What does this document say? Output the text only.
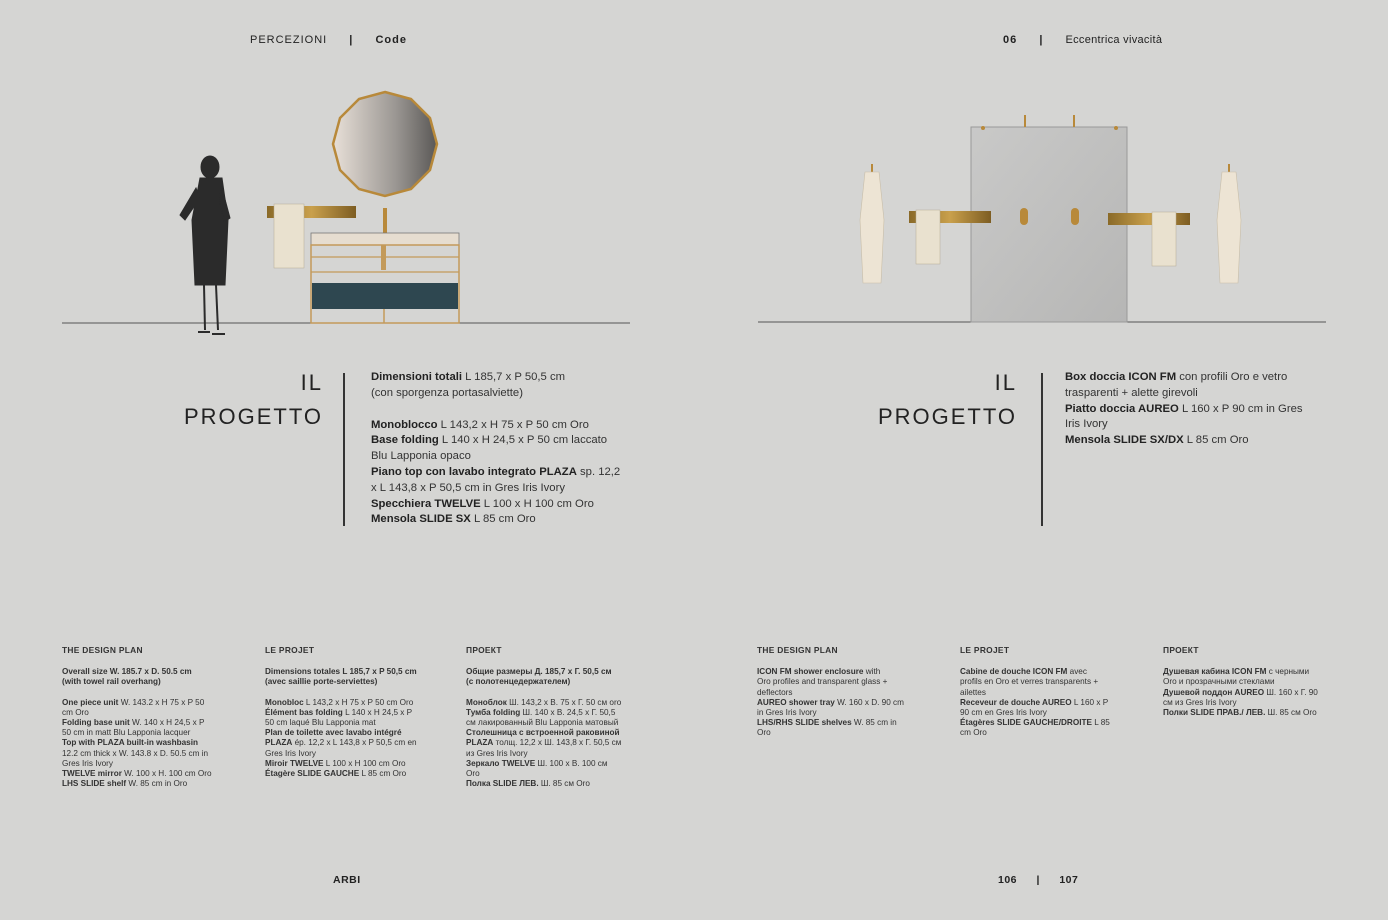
PERCEZIONI | Code	06 | Eccentrica vivacità
IL
PROGETTO

Dimensioni totali L 185,7 x P 50,5 cm

(con sporgenza portasalviette)

Monoblocco L 143,2 x H 75 x P 50 cm Oro

Base folding L 140 x H 24,5 x P 50 cm laccato

Blu Lapponia opaco

Piano top con lavabo integrato PLAZA sp. 12,2

x L 143,8 x P 50,5 cm in Gres Iris Ivory

Specchiera TWELVE L 100 x H 100 cm Oro

Mensola SLIDE SX L 85 cm Oro

IL
PROGETTO

Box doccia ICON FM con profili Oro e vetro

trasparenti + alette girevoli

Piatto doccia AUREO L 160 x P 90 cm in Gres

Iris Ivory

Mensola SLIDE SX/DX L 85 cm Oro

THE DESIGN PLAN

Overall size W. 185.7 x D. 50.5 cm

(with towel rail overhang)

One piece unit W. 143.2 x H 75 x P 50

cm Oro

Folding base unit W. 140 x H 24,5 x P

50 cm in matt Blu Lapponia lacquer

Top with PLAZA built-in washbasin

12.2 cm thick x W. 143.8 x D. 50.5 cm in

Gres Iris Ivory

TWELVE mirror W. 100 x H. 100 cm Oro

LHS SLIDE shelf W. 85 cm in Oro

LE PROJET

Dimensions totales L 185,7 x P 50,5 cm

(avec saillie porte-serviettes)

Monobloc L 143,2 x H 75 x P 50 cm Oro

Élément bas folding L 140 x H 24,5 x P

50 cm laqué Blu Lapponia mat

Plan de toilette avec lavabo intégré

PLAZA ép. 12,2 x L 143,8 x P 50,5 cm en

Gres Iris Ivory

Miroir TWELVE L 100 x H 100 cm Oro

Étagère SLIDE GAUCHE L 85 cm Oro

ПРОЕКТ

Общие размеры Д. 185,7 x Г. 50,5 см

(с полотенцедержателем)

Моноблок Ш. 143,2 x В. 75 x Г. 50 см oro

Тумба folding Ш. 140 x В. 24,5 x Г. 50,5

см лакированный Blu Lapponia матовый

Столешница с встроенной раковиной

PLAZA толщ. 12,2 x Ш. 143,8 x Г. 50,5 см

из Gres Iris Ivory

Зеркало TWELVE Ш. 100 x В. 100 см

Oro

Полка SLIDE ЛЕВ. Ш. 85 см Oro

THE DESIGN PLAN

ICON FM shower enclosure with

Oro profiles and transparent glass +

deflectors

AUREO shower tray W. 160 x D. 90 cm

in Gres Iris Ivory

LHS/RHS SLIDE shelves W. 85 cm in

Oro

LE PROJET

Cabine de douche ICON FM avec

profils en Oro et verres transparents +

ailettes

Receveur de douche AUREO L 160 x P

90 cm en Gres Iris Ivory

Étagères SLIDE GAUCHE/DROITE L 85

cm Oro

ПРОЕКТ

Душевая кабина ICON FM с черными

Oro и прозрачными стеклами

Душевой поддон AUREO Ш. 160 x Г. 90

см из Gres Iris Ivory

Полки SLIDE ПРАВ./ ЛЕВ. Ш. 85 см Oro

ARBI	106 | 107
